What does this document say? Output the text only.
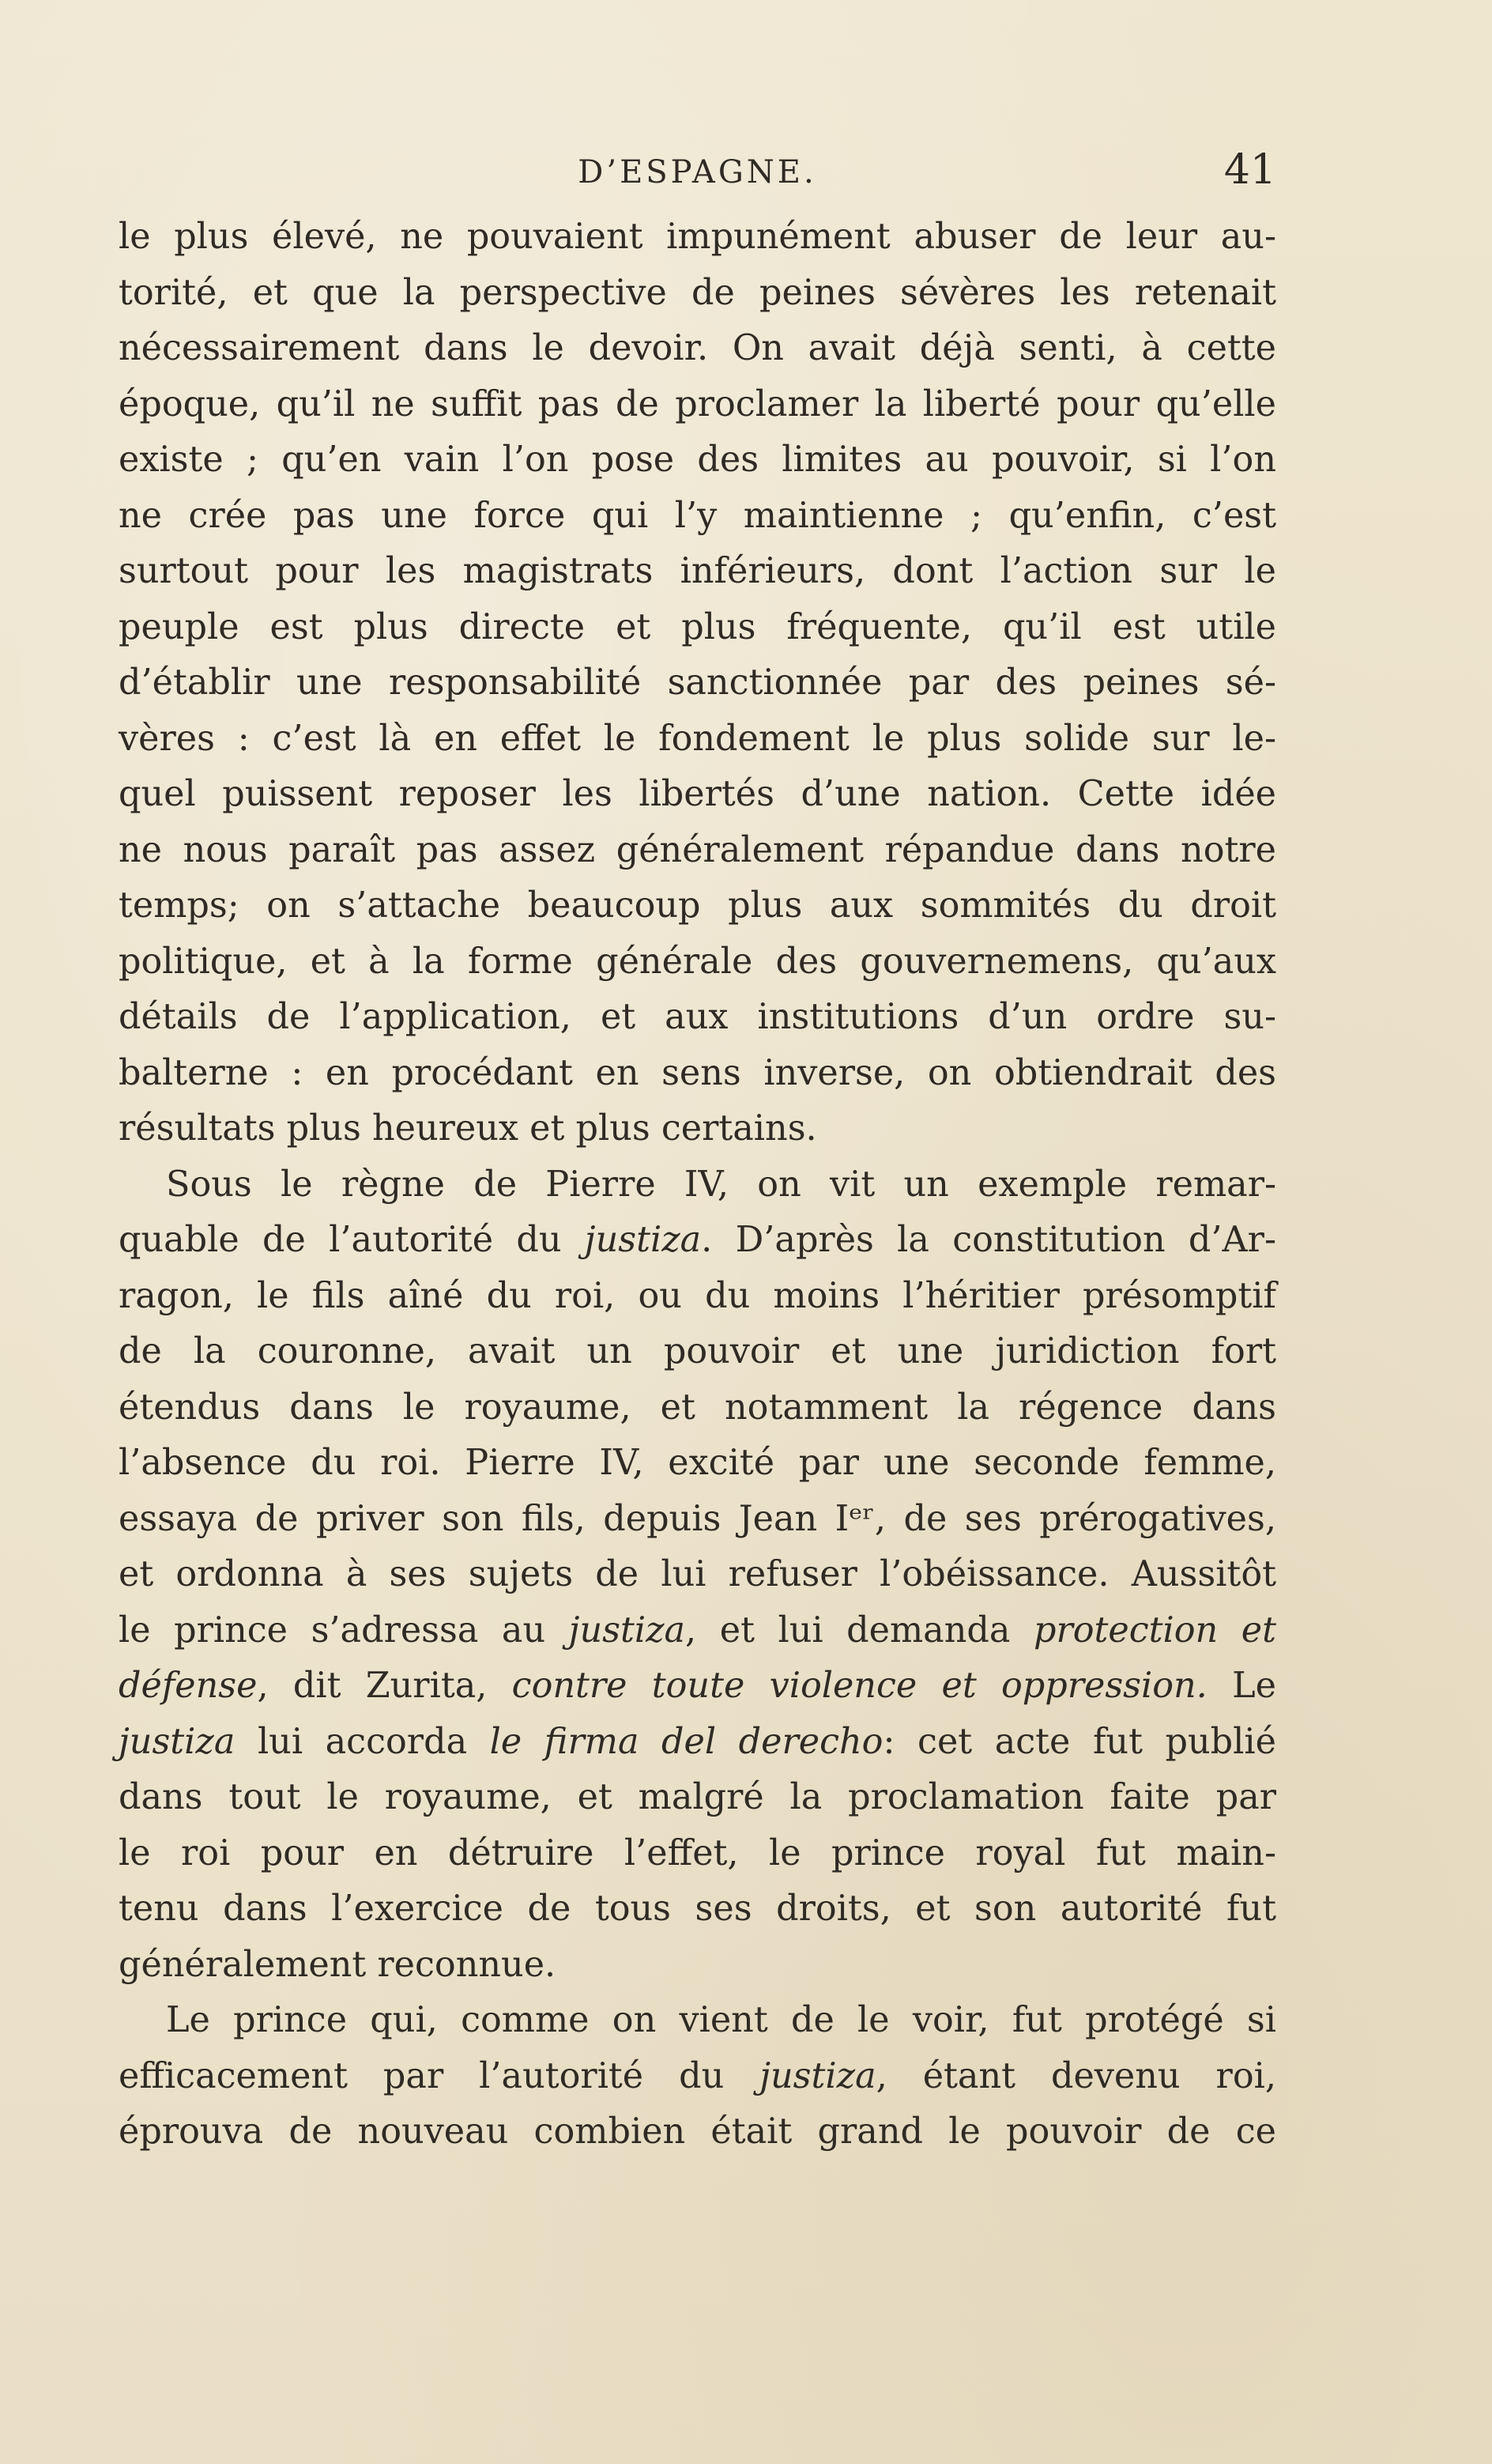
D’ESPAGNE.	41
le plus élevé, ne pouvaient impunément abuser de leur au-
torité, et que la perspective de peines sévères les retenait
nécessairement dans le devoir. On avait déjà senti, à cette
époque, qu’il ne suffit pas de proclamer la liberté pour qu’elle
existe ; qu’en vain l’on pose des limites au pouvoir, si l’on
ne crée pas une force qui l’y maintienne ; qu’enfin, c’est
surtout pour les magistrats inférieurs, dont l’action sur le
peuple est plus directe et plus fréquente, qu’il est utile
d’établir une responsabilité sanctionnée par des peines sé-
vères : c’est là en effet le fondement le plus solide sur le-
quel puissent reposer les libertés d’une nation. Cette idée
ne nous paraît pas assez généralement répandue dans notre
temps; on s’attache beaucoup plus aux sommités du droit
politique, et à la forme générale des gouvernemens, qu’aux
détails de l’application, et aux institutions d’un ordre su-
balterne : en procédant en sens inverse, on obtiendrait des
résultats plus heureux et plus certains.
Sous le règne de Pierre IV, on vit un exemple remar-
quable de l’autorité du justiza. D’après la constitution d’Ar-
ragon, le fils aîné du roi, ou du moins l’héritier présomptif
de la couronne, avait un pouvoir et une juridiction fort
étendus dans le royaume, et notamment la régence dans
l’absence du roi. Pierre IV, excité par une seconde femme,
essaya de priver son fils, depuis Jean Iᵉʳ, de ses prérogatives,
et ordonna à ses sujets de lui refuser l’obéissance. Aussitôt
le prince s’adressa au justiza, et lui demanda protection et
défense, dit Zurita, contre toute violence et oppression. Le
justiza lui accorda le firma del derecho: cet acte fut publié
dans tout le royaume, et malgré la proclamation faite par
le roi pour en détruire l’effet, le prince royal fut main-
tenu dans l’exercice de tous ses droits, et son autorité fut
généralement reconnue.
Le prince qui, comme on vient de le voir, fut protégé si
efficacement par l’autorité du justiza, étant devenu roi,
éprouva de nouveau combien était grand le pouvoir de ce
